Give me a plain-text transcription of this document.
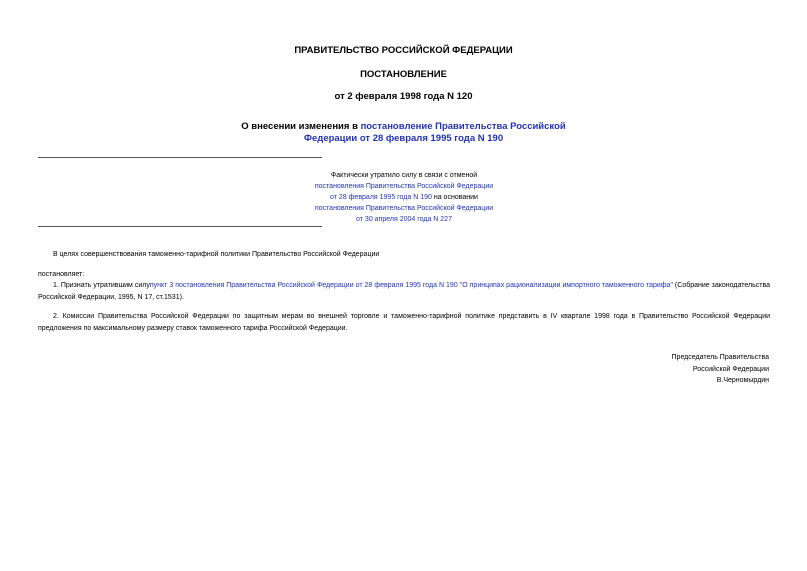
ПРАВИТЕЛЬСТВО РОССИЙСКОЙ ФЕДЕРАЦИИ
ПОСТАНОВЛЕНИЕ
от 2 февраля 1998 года N 120
О внесении изменения в постановление Правительства Российской
Федерации от 28 февраля 1995 года N 190
Фактически утратило силу в связи с отменой
постановления Правительства Российской Федерации
от 28 февраля 1995 года N 190 на основании
постановления Правительства Российской Федерации
от 30 апреля 2004 года N 227
В целях совершенствования таможенно-тарифной политики Правительство Российской Федерации
постановляет:
1. Признать утратившим силупункт 3 постановления Правительства Российской Федерации от 28 февраля 1995 года N 190 "О принципах рационализации импортного таможенного тарифа" (Собрание законодательства Российской Федерации, 1995, N 17, ст.1531).
2. Комиссии Правительства Российской Федерации по защитным мерам во внешней торговле и таможенно-тарифной политике представить в IV квартале 1998 года в Правительство Российской Федерации предложения по максимальному размеру ставок таможенного тарифа Российской Федерации.
Председатель Правительства
Российской Федерации
В.Черномырдин
